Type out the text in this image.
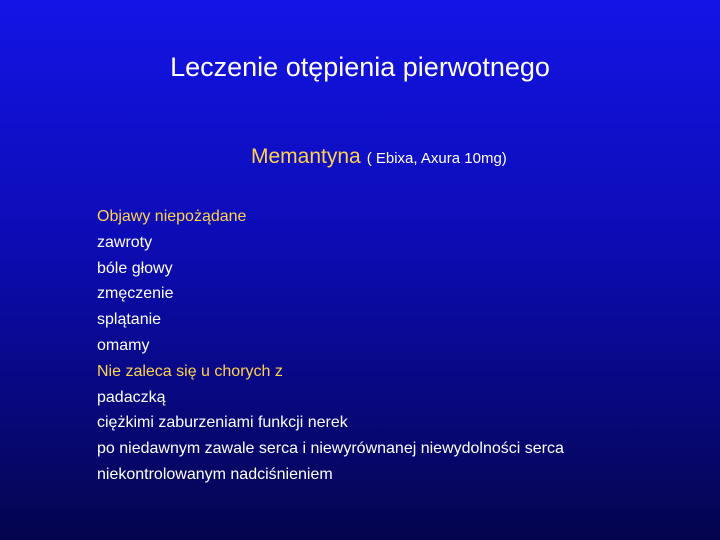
Leczenie otępienia pierwotnego
Memantyna ( Ebixa, Axura 10mg)
Objawy niepożądane
zawroty
bóle głowy
zmęczenie
splątanie
omamy
Nie zaleca się u chorych z
padaczką
ciężkimi zaburzeniami funkcji nerek
po niedawnym zawale serca i niewyrównanej niewydolności serca
niekontrolowanym nadciśnieniem
